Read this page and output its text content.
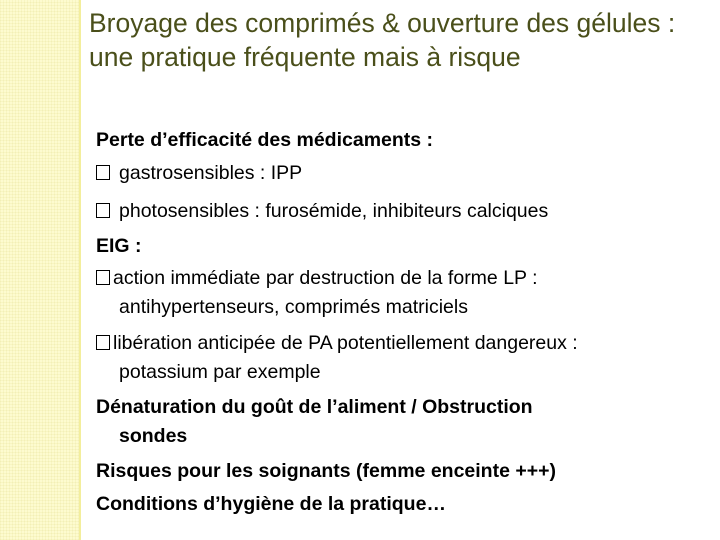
Broyage des comprimés & ouverture des gélules : une pratique fréquente mais à risque
Perte d’efficacité des médicaments :
gastrosensibles : IPP
photosensibles : furosémide, inhibiteurs calciques
EIG :
action immédiate par destruction de la forme LP :
antihypertenseurs, comprimés matriciels
libération anticipée de PA potentiellement dangereux :
potassium par exemple
Dénaturation du goût de l’aliment / Obstruction
sondes
Risques pour les soignants (femme enceinte +++)
Conditions d’hygiène de la pratique…
